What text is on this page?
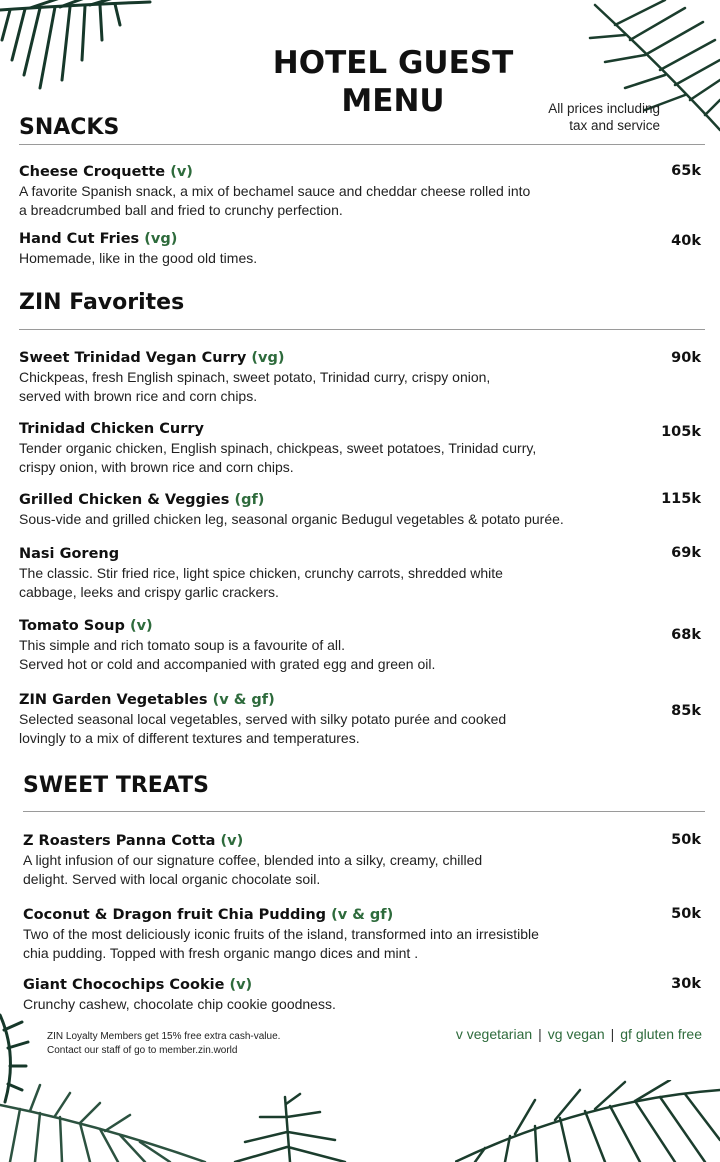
HOTEL GUEST
MENU	All prices including
tax and service
SNACKS
Cheese Croquette (v)
A favorite Spanish snack, a mix of bechamel sauce and cheddar cheese rolled into
a breadcrumbed ball and fried to crunchy perfection.
65k
Hand Cut Fries (vg)
Homemade, like in the good old times.
40k
ZIN Favorites
Sweet Trinidad Vegan Curry (vg)
Chickpeas, fresh English spinach, sweet potato, Trinidad curry, crispy onion,
served with brown rice and corn chips.
90k
Trinidad Chicken Curry
Tender organic chicken, English spinach, chickpeas, sweet potatoes, Trinidad curry,
crispy onion, with brown rice and corn chips.
105k
Grilled Chicken & Veggies (gf)
Sous-vide and grilled chicken leg, seasonal organic Bedugul vegetables & potato purée.
115k
Nasi Goreng
The classic. Stir fried rice, light spice chicken, crunchy carrots, shredded white
cabbage, leeks and crispy garlic crackers.
69k
Tomato Soup (v)
This simple and rich tomato soup is a favourite of all.
Served hot or cold and accompanied with grated egg and green oil.
68k
ZIN Garden Vegetables (v & gf)
Selected seasonal local vegetables, served with silky potato purée and cooked
lovingly to a mix of different textures and temperatures.
85k
SWEET TREATS
Z Roasters Panna Cotta (v)
A light infusion of our signature coffee, blended into a silky, creamy, chilled
delight. Served with local organic chocolate soil.
50k
Coconut & Dragon fruit Chia Pudding (v & gf)
Two of the most deliciously iconic fruits of the island, transformed into an irresistible
chia pudding. Topped with fresh organic mango dices and mint .
50k
Giant Chocochips Cookie (v)
Crunchy cashew, chocolate chip cookie goodness.
30k
ZIN Loyalty Members get 15% free extra cash-value.
Contact our staff of go to member.zin.world
v vegetarian | vg vegan | gf gluten free
